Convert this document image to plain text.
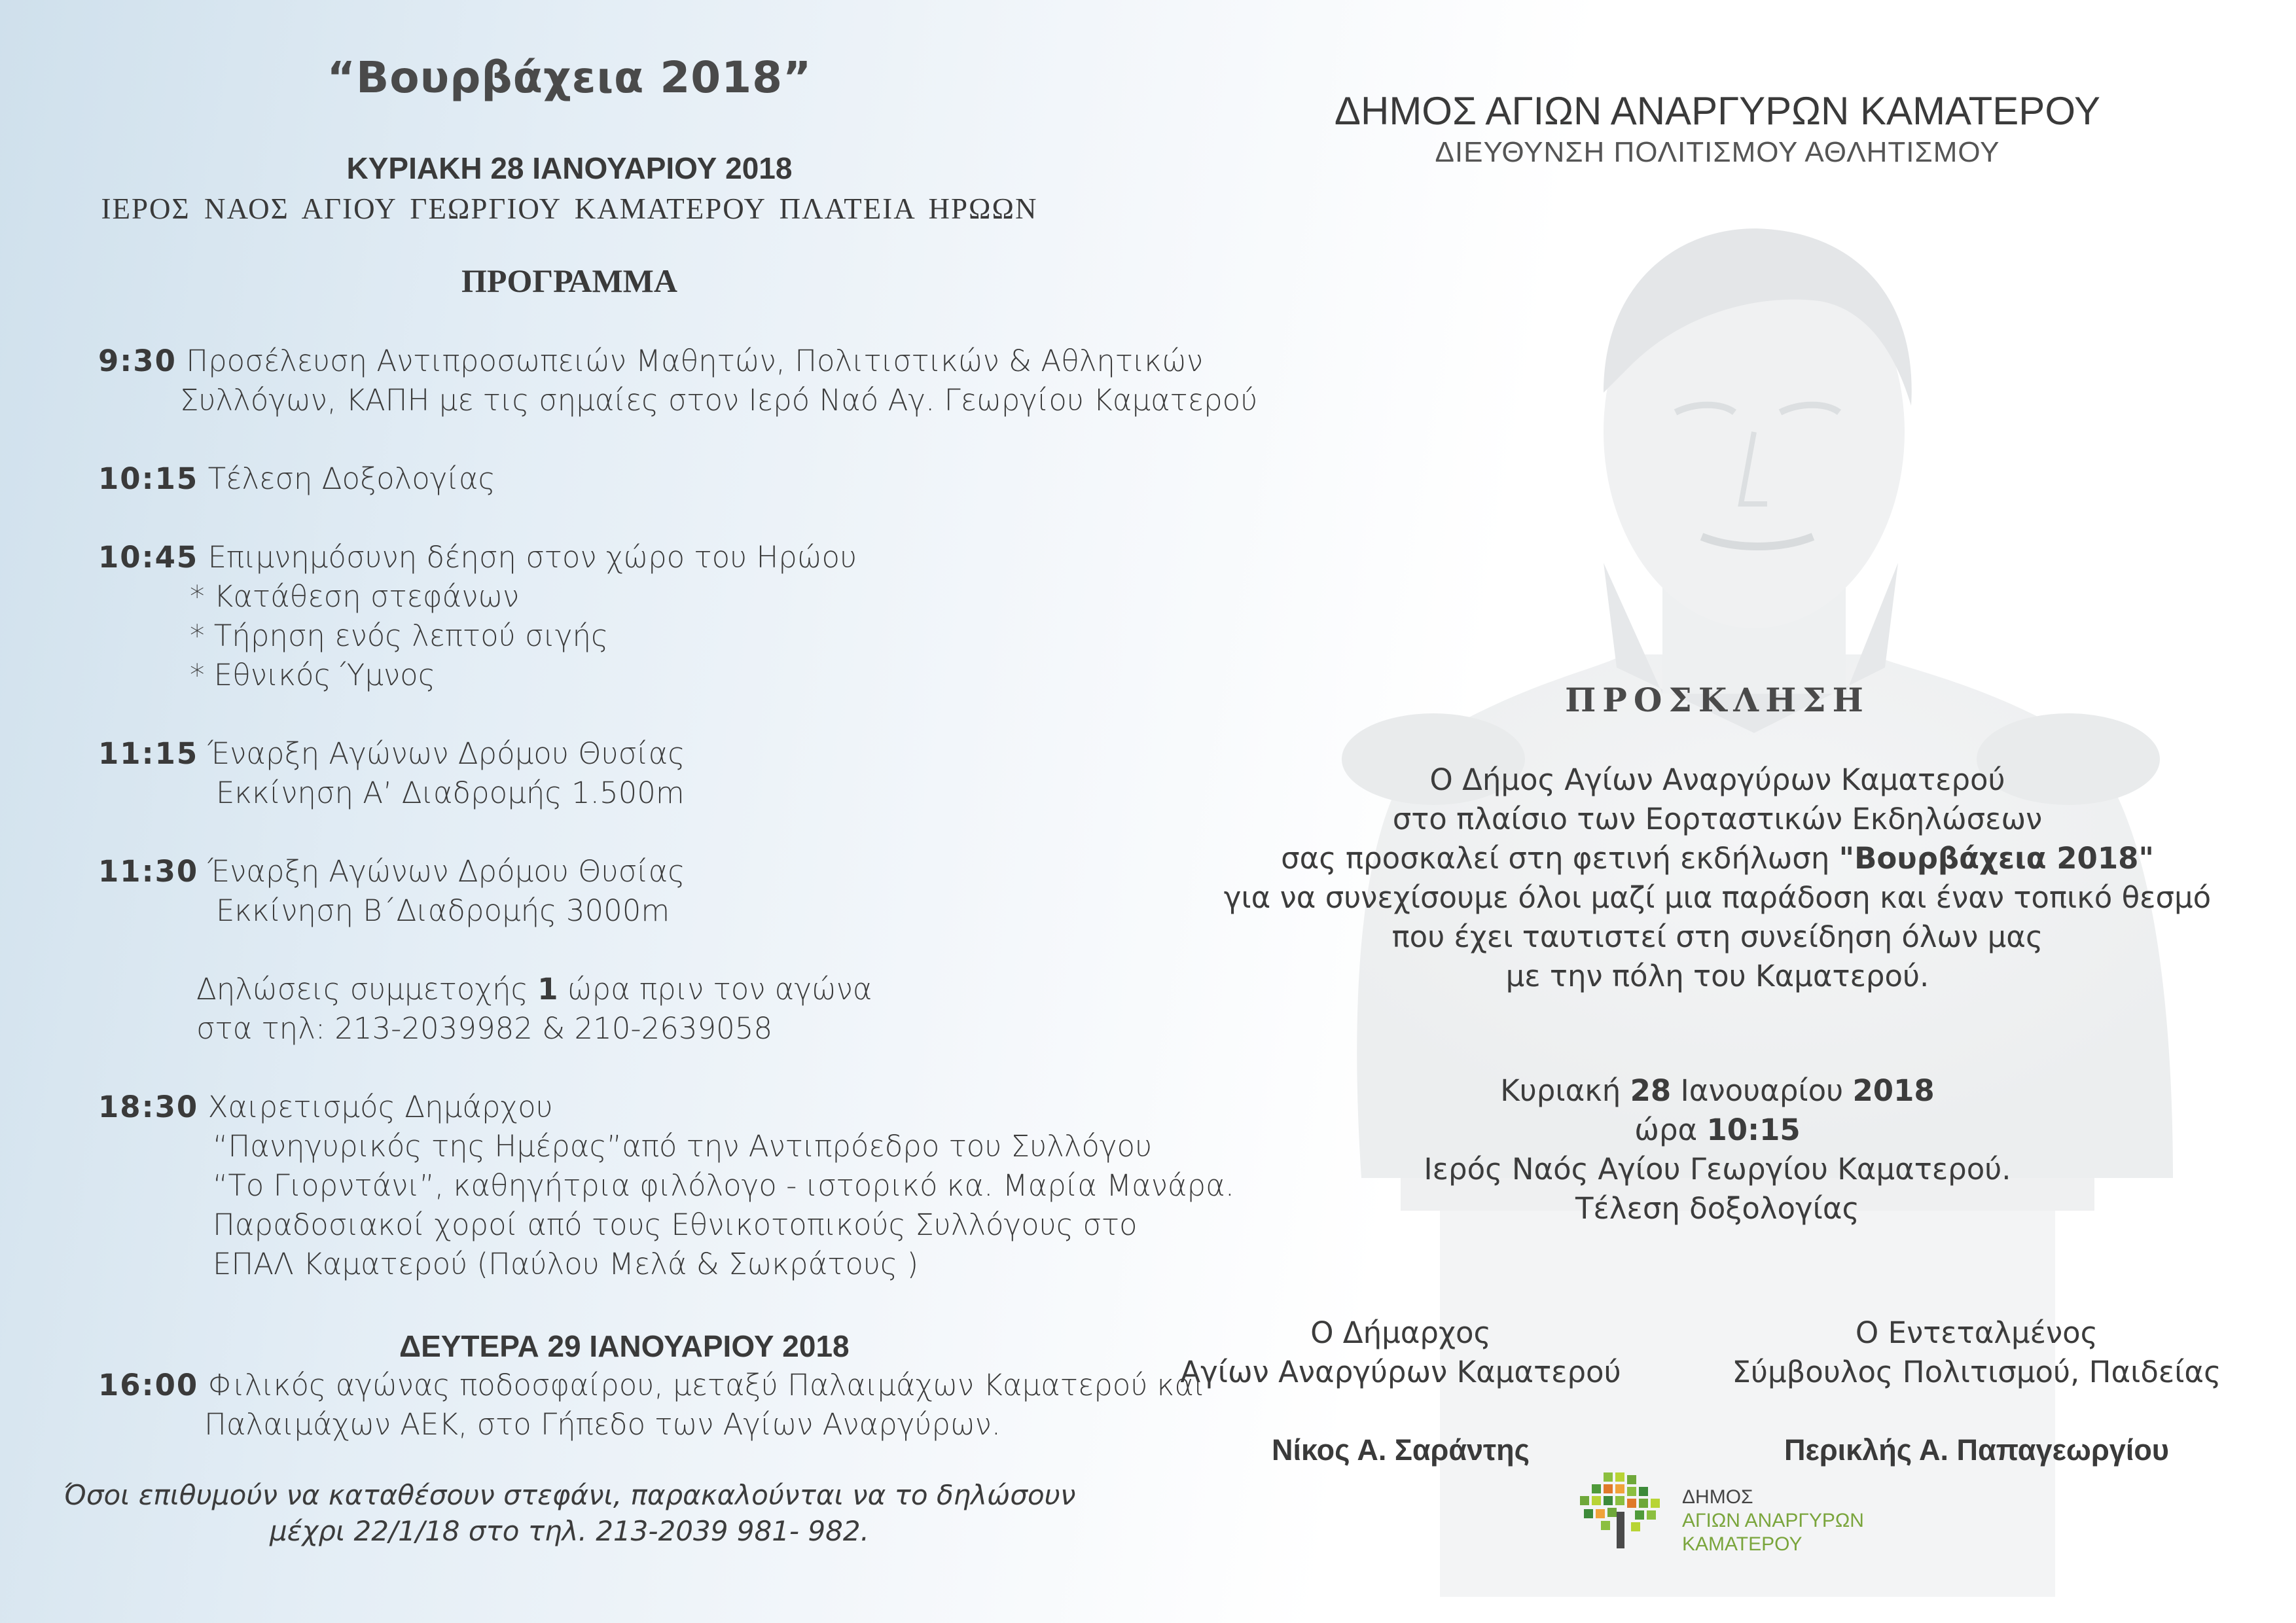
“Βουρβάχεια 2018”
ΚΥΡΙΑΚΗ 28 ΙΑΝΟΥΑΡΙΟΥ 2018
ΙΕΡΟΣ ΝΑΟΣ ΑΓΙΟΥ ΓΕΩΡΓΙΟΥ ΚΑΜΑΤΕΡΟΥ ΠΛΑΤΕΙΑ ΗΡΩΩΝ
ΠΡΟΓΡΑΜΜΑ
9:30 Προσέλευση Αντιπροσωπειών Μαθητών, Πολιτιστικών & Αθλητικών
Συλλόγων, ΚΑΠΗ με τις σημαίες στον Ιερό Ναό Αγ. Γεωργίου Καματερού
10:15 Τέλεση Δοξολογίας
10:45 Επιμνημόσυνη δέηση στον χώρο του Ηρώου
* Κατάθεση στεφάνων
* Τήρηση ενός λεπτού σιγής
* Εθνικός Ύμνος
11:15 Έναρξη Αγώνων Δρόμου Θυσίας
Εκκίνηση Α’ Διαδρομής 1.500m
11:30 Έναρξη Αγώνων Δρόμου Θυσίας
Εκκίνηση Β΄Διαδρομής 3000m
Δηλώσεις συμμετοχής 1 ώρα πριν τον αγώνα
στα τηλ: 213-2039982 & 210-2639058
18:30 Χαιρετισμός Δημάρχου
“Πανηγυρικός της Ημέρας”από την Αντιπρόεδρο του Συλλόγου
“Το Γιορντάνι”, καθηγήτρια φιλόλογο - ιστορικό κα. Μαρία Μανάρα.
Παραδοσιακοί χοροί από τους Εθνικοτοπικούς Συλλόγους στο
ΕΠΑΛ Καματερού (Παύλου Μελά & Σωκράτους )
ΔΕΥΤΕΡΑ 29 ΙΑΝΟΥΑΡΙΟΥ 2018
16:00 Φιλικός αγώνας ποδοσφαίρου, μεταξύ Παλαιμάχων Καματερού και
Παλαιμάχων ΑΕΚ, στο Γήπεδο των Αγίων Αναργύρων.
Όσοι επιθυμούν να καταθέσουν στεφάνι, παρακαλούνται να το δηλώσουν
μέχρι 22/1/18 στο τηλ. 213-2039 981- 982.
ΔΗΜΟΣ ΑΓΙΩΝ ΑΝΑΡΓΥΡΩΝ ΚΑΜΑΤΕΡΟΥ
ΔΙΕΥΘΥΝΣΗ ΠΟΛΙΤΙΣΜΟΥ ΑΘΛΗΤΙΣΜΟΥ
ΠΡΟΣΚΛΗΣΗ
Ο Δήμος Αγίων Αναργύρων Καματερού
στο πλαίσιο των Εορταστικών Εκδηλώσεων
σας προσκαλεί στη φετινή εκδήλωση "Βουρβάχεια 2018"
για να συνεχίσουμε όλοι μαζί μια παράδοση και έναν τοπικό θεσμό
που έχει ταυτιστεί στη συνείδηση όλων μας
με την πόλη του Καματερού.
Κυριακή 28 Ιανουαρίου 2018
ώρα 10:15
Ιερός Ναός Αγίου Γεωργίου Καματερού.
Τέλεση δοξολογίας
Ο Δήμαρχος
Αγίων Αναργύρων Καματερού
Νίκος Α. Σαράντης
Ο Εντεταλμένος
Σύμβουλος Πολιτισμού, Παιδείας
Περικλής Α. Παπαγεωργίου
ΔΗΜΟΣ
ΑΓΙΩΝ ΑΝΑΡΓΥΡΩΝ
ΚΑΜΑΤΕΡΟΥ
